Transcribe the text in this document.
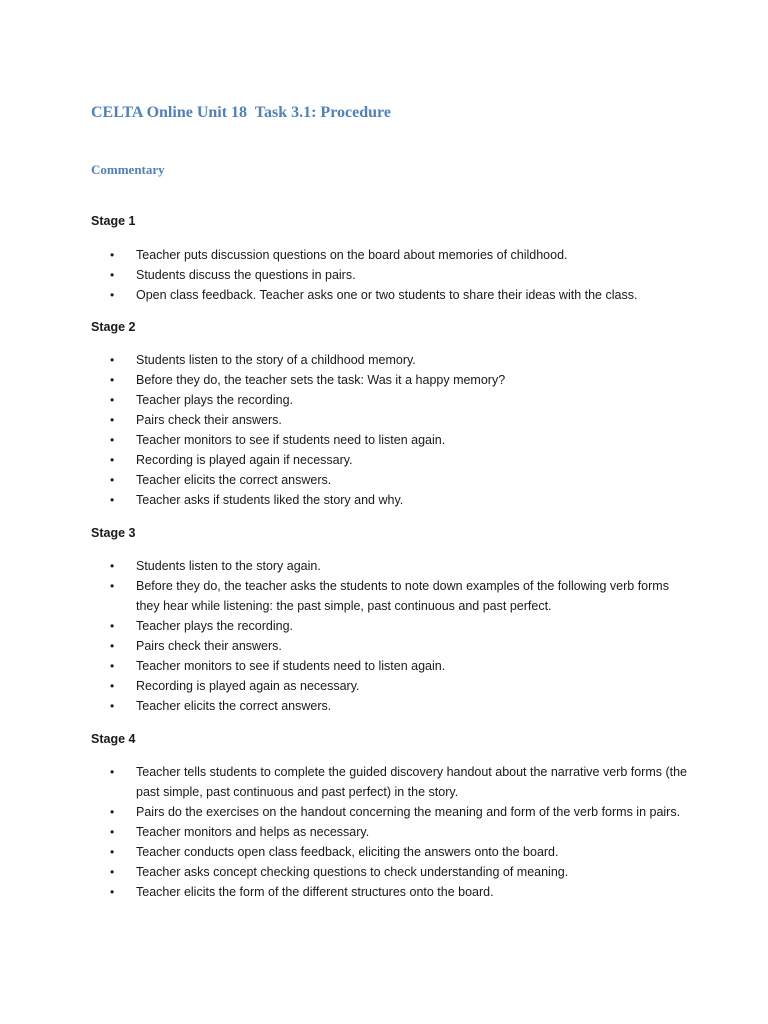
CELTA Online Unit 18  Task 3.1: Procedure
Commentary
Stage 1
• Teacher puts discussion questions on the board about memories of childhood.
• Students discuss the questions in pairs.
• Open class feedback. Teacher asks one or two students to share their ideas with the class.
Stage 2
• Students listen to the story of a childhood memory.
• Before they do, the teacher sets the task: Was it a happy memory?
• Teacher plays the recording.
• Pairs check their answers.
• Teacher monitors to see if students need to listen again.
• Recording is played again if necessary.
• Teacher elicits the correct answers.
• Teacher asks if students liked the story and why.
Stage 3
• Students listen to the story again.
• Before they do, the teacher asks the students to note down examples of the following verb forms they hear while listening: the past simple, past continuous and past perfect.
• Teacher plays the recording.
• Pairs check their answers.
• Teacher monitors to see if students need to listen again.
• Recording is played again as necessary.
• Teacher elicits the correct answers.
Stage 4
• Teacher tells students to complete the guided discovery handout about the narrative verb forms (the past simple, past continuous and past perfect) in the story.
• Pairs do the exercises on the handout concerning the meaning and form of the verb forms in pairs.
• Teacher monitors and helps as necessary.
• Teacher conducts open class feedback, eliciting the answers onto the board.
• Teacher asks concept checking questions to check understanding of meaning.
• Teacher elicits the form of the different structures onto the board.
